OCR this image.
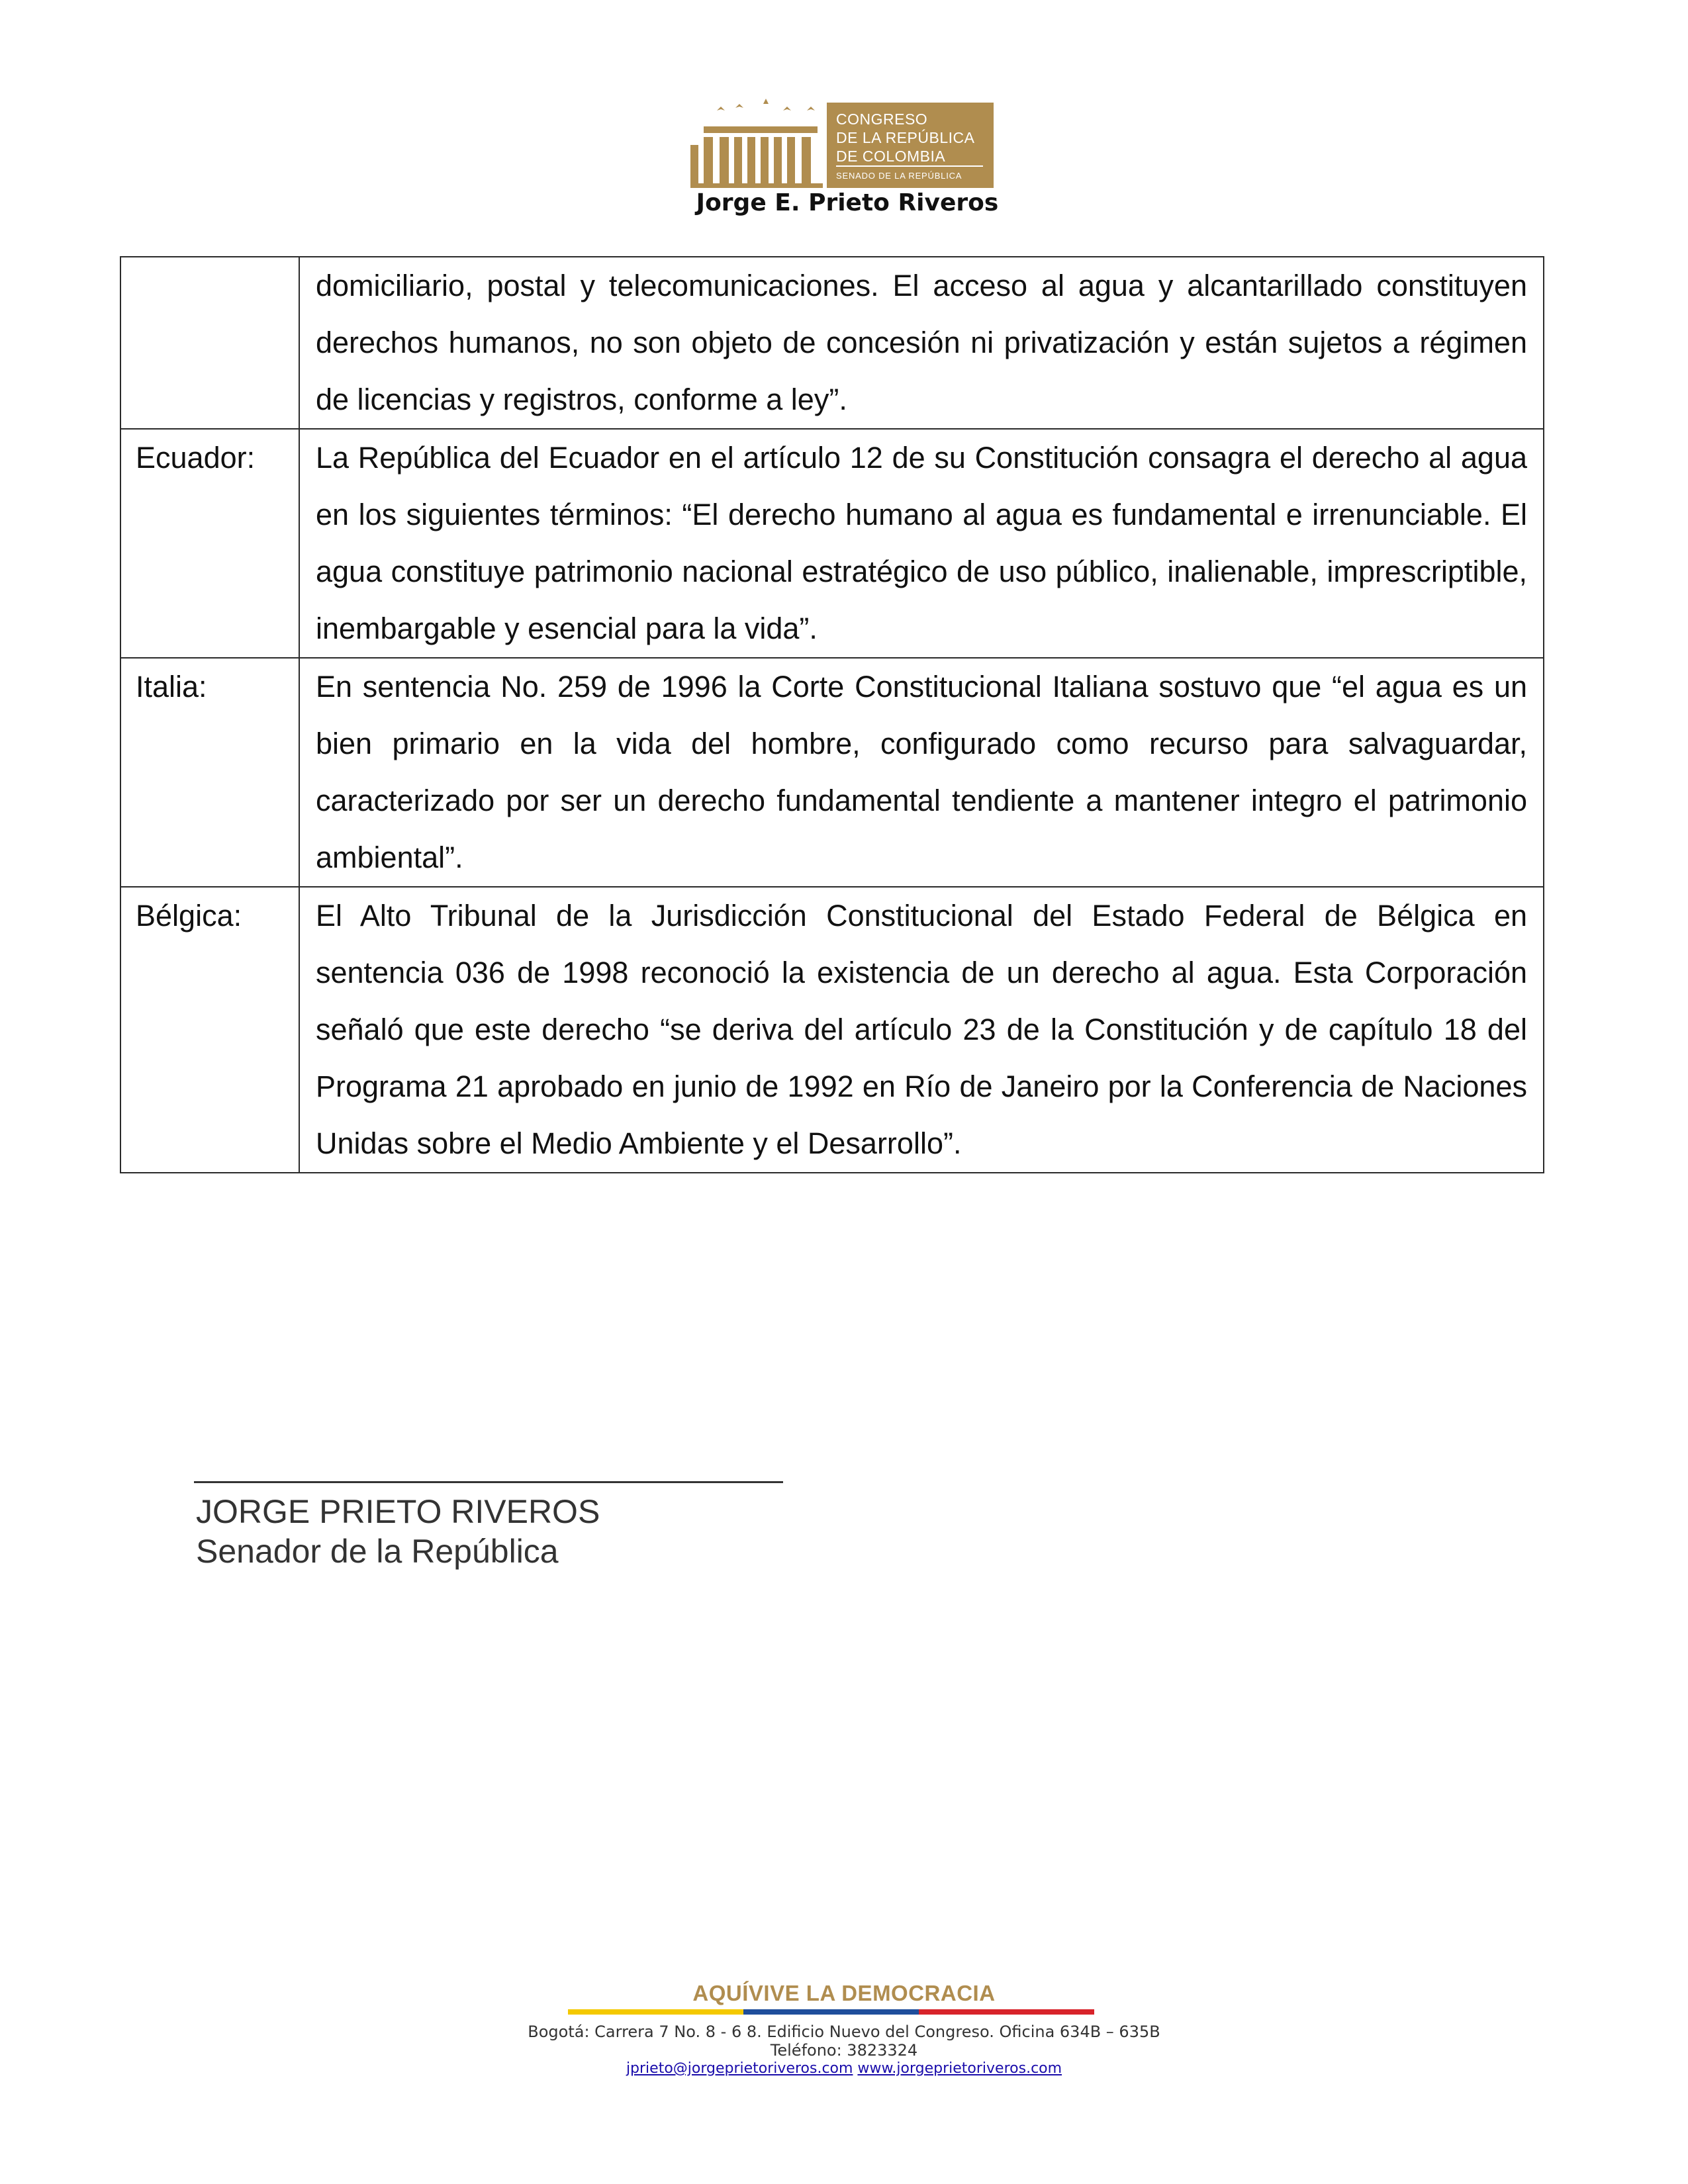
CONGRESO
DE LA REPÚBLICA
DE COLOMBIA
SENADO DE LA REPÚBLICA
Jorge E. Prieto Riveros
	domiciliario, postal y telecomunicaciones. El acceso al agua y alcantarillado constituyen derechos humanos, no son objeto de concesión ni privatización y están sujetos a régimen de licencias y registros, conforme a ley”.
Ecuador:	La República del Ecuador en el artículo 12 de su Constitución consagra el derecho al agua en los siguientes términos: “El derecho humano al agua es fundamental e irrenunciable. El agua constituye patrimonio nacional estratégico de uso público, inalienable, imprescriptible, inembargable y esencial para la vida”.
Italia:	En sentencia No. 259 de 1996 la Corte Constitucional Italiana sostuvo que “el agua es un bien primario en la vida del hombre, configurado como recurso para salvaguardar, caracterizado por ser un derecho fundamental tendiente a mantener integro el patrimonio ambiental”.
Bélgica:	El Alto Tribunal de la Jurisdicción Constitucional del Estado Federal de Bélgica en sentencia 036 de 1998 reconoció la existencia de un derecho al agua. Esta Corporación señaló que este derecho “se deriva del artículo 23 de la Constitución y de capítulo 18 del Programa 21 aprobado en junio de 1992 en Río de Janeiro por la Conferencia de Naciones Unidas sobre el Medio Ambiente y el Desarrollo”.
JORGE PRIETO RIVEROS
Senador de la República
AQUÍVIVE LA DEMOCRACIA
Bogotá: Carrera 7 No. 8 - 6 8. Edificio Nuevo del Congreso. Oficina 634B – 635B
Teléfono: 3823324
jprieto@jorgeprietoriveros.com www.jorgeprietoriveros.com
